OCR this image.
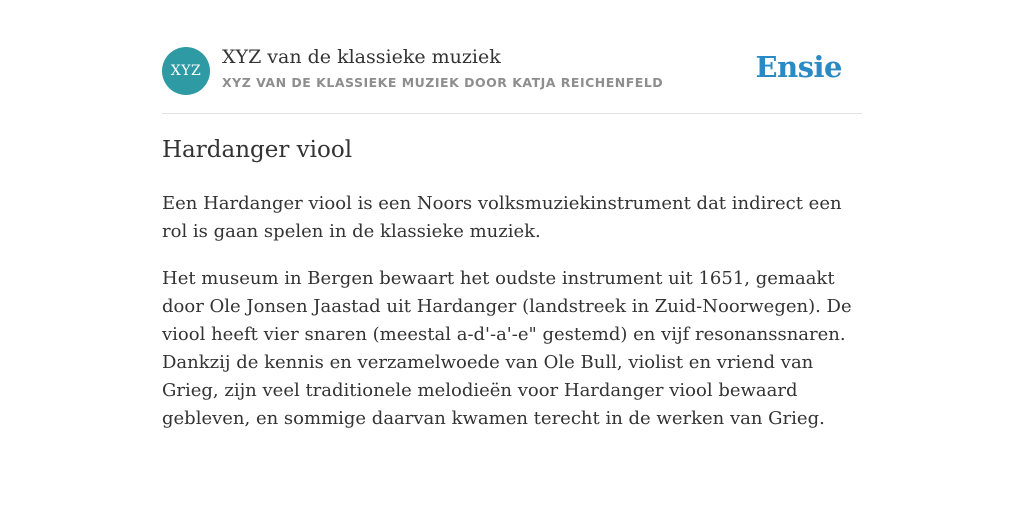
XYZ
XYZ van de klassieke muziek
XYZ VAN DE KLASSIEKE MUZIEK DOOR KATJA REICHENFELD	Ensie
Hardanger viool

Een Hardanger viool is een Noors volksmuziekinstrument dat indirect een rol is gaan spelen in de klassieke muziek.

Het museum in Bergen bewaart het oudste instrument uit 1651, gemaakt door Ole Jonsen Jaastad uit Hardanger (landstreek in Zuid-Noorwegen). De viool heeft vier snaren (meestal a-d'-a'-e" gestemd) en vijf resonanssnaren. Dankzij de kennis en verzamelwoede van Ole Bull, violist en vriend van Grieg, zijn veel traditionele melodieën voor Hardanger viool bewaard gebleven, en sommige daarvan kwamen terecht in de werken van Grieg.
